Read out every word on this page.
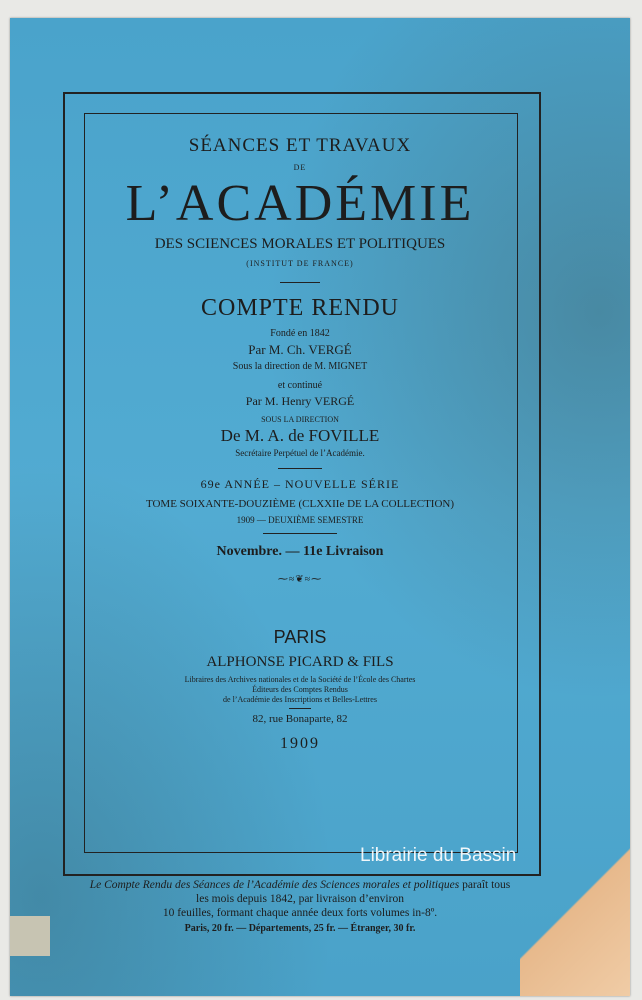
SÉANCES ET TRAVAUX
DE
L’ACADÉMIE
DES SCIENCES MORALES ET POLITIQUES
(INSTITUT DE FRANCE)
COMPTE RENDU
Fondé en 1842
Par M. Ch. VERGÉ
Sous la direction de M. MIGNET
et continué
Par M. Henry VERGÉ
SOUS LA DIRECTION
De M. A. de FOVILLE
Secrétaire Perpétuel de l’Académie.
69e ANNÉE – NOUVELLE SÉRIE
TOME SOIXANTE-DOUZIÈME (CLXXIIe DE LA COLLECTION)
1909 — DEUXIÈME SEMESTRE
Novembre. — 11e Livraison
⁓≈❦≈⁓
PARIS
ALPHONSE PICARD & FILS
Libraires des Archives nationales et de la Société de l’École des Chartes
Éditeurs des Comptes Rendus
de l’Académie des Inscriptions et Belles-Lettres
82, rue Bonaparte, 82
1909
Le Compte Rendu des Séances de l’Académie des Sciences morales et politiques paraît tous les mois depuis 1842, par livraison d’environ
10 feuilles, formant chaque année deux forts volumes in-8º.
Paris, 20 fr. — Départements, 25 fr. — Étranger, 30 fr.
Librairie du Bassin
